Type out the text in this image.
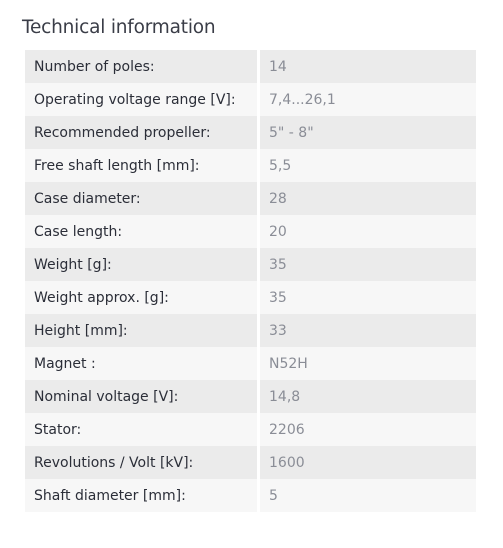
Technical information
Number of poles:		14
Operating voltage range [V]:		7,4...26,1
Recommended propeller:		5" - 8"
Free shaft length [mm]:		5,5
Case diameter:		28
Case length:		20
Weight [g]:		35
Weight approx. [g]:		35
Height [mm]:		33
Magnet :		N52H
Nominal voltage [V]:		14,8
Stator:		2206
Revolutions / Volt [kV]:		1600
Shaft diameter [mm]:		5
